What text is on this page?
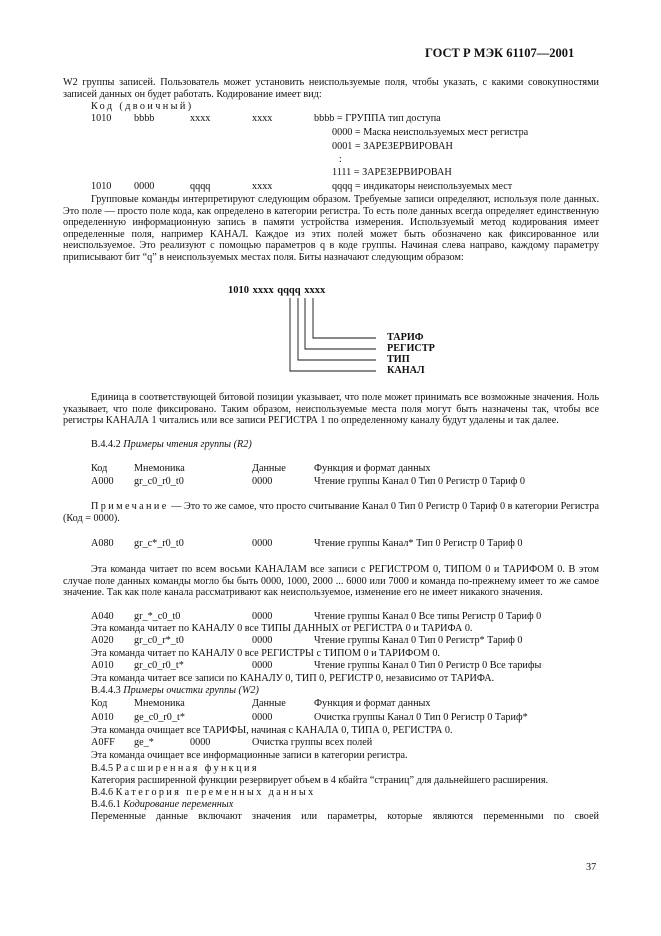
ГОСТ Р МЭК 61107—2001
W2 группы записей. Пользователь может установить неиспользуемые поля, чтобы указать, с какими совокупностями записей данных он будет работать. Кодирование имеет вид:
Код (двоичный)
1010 bbbb	xxxx	xxxx	bbbb = ГРУППА тип доступа
0000 = Маска неиспользуемых мест регистра
0001 = ЗАРЕЗЕРВИРОВАН
:
1111 = ЗАРЕЗЕРВИРОВАН
1010 0000	qqqq	xxxx	qqqq = индикаторы неиспользуемых мест
Групповые команды интерпретируют следующим образом. Требуемые записи определяют, используя поле данных. Это поле — просто поле кода, как определено в категории регистра. То есть поле данных всегда определяет единственную определенную информационную запись в памяти устройства измерения. Используемый метод кодирования имеет определенные поля, например КАНАЛ. Каждое из этих полей может быть обозначено как фиксированное или неиспользуемое. Это реализуют с помощью параметров q в коде группы. Начиная слева направо, каждому параметру приписывают бит “q” в неиспользуемых местах поля. Биты назначают следующим образом:
1010 xxxx qqqq xxxx
ТАРИФ
РЕГИСТР
ТИП
КАНАЛ
Единица в соответствующей битовой позиции указывает, что поле может принимать все возможные значения. Ноль указывает, что поле фиксировано. Таким образом, неиспользуемые места поля могут быть назначены так, чтобы все регистры КАНАЛА 1 читались или все записи РЕГИСТРА 1 по определенному каналу будут удалены и так далее.
B.4.4.2 Примеры чтения группы (R2)
Код	Мнемоника	Данные	Функция и формат данных
A000 gr_c0_r0_t0	0000	Чтение группы Канал 0 Тип 0 Регистр 0 Тариф 0
Примечание — Это то же самое, что просто считывание Канал 0 Тип 0 Регистр 0 Тариф 0 в категории Регистра (Код = 0000).
A080 gr_c*_r0_t0	0000	Чтение группы Канал* Тип 0 Регистр 0 Тариф 0
Эта команда читает по всем восьми КАНАЛАМ все записи с РЕГИСТРОМ 0, ТИПОМ 0 и ТАРИФОМ 0. В этом случае поле данных команды могло бы быть 0000, 1000, 2000 ... 6000 или 7000 и команда по-прежнему имеет то же самое значение. Так как поле канала рассматривают как неиспользуемое, изменение его не имеет никакого значения.
A040 gr_*_c0_t0	0000	Чтение группы Канал 0 Все типы Регистр 0 Тариф 0
Эта команда читает по КАНАЛУ 0 все ТИПЫ ДАННЫХ от РЕГИСТРА 0 и ТАРИФА 0.
A020 gr_c0_r*_t0	0000	Чтение группы Канал 0 Тип 0 Регистр* Тариф 0
Эта команда читает по КАНАЛУ 0 все РЕГИСТРЫ с ТИПОМ 0 и ТАРИФОМ 0.
A010 gr_c0_r0_t*	0000	Чтение группы Канал 0 Тип 0 Регистр 0 Все тарифы
Эта команда читает все записи по КАНАЛУ 0, ТИП 0, РЕГИСТР 0, независимо от ТАРИФА.
B.4.4.3 Примеры очистки группы (W2)
Код	Мнемоника	Данные	Функция и формат данных
A010 ge_c0_r0_t*	0000	Очистка группы Канал 0 Тип 0 Регистр 0 Тариф*
Эта команда очищает все ТАРИФЫ, начиная с КАНАЛА 0, ТИПА 0, РЕГИСТРА 0.
A0FF ge_*	0000	Очистка группы всех полей
Эта команда очищает все информационные записи в категории регистра.
B.4.5 Расширенная функция
Категория расширенной функции резервирует объем в 4 кбайта “страниц” для дальнейшего расширения.
B.4.6 Категория переменных данных
B.4.6.1 Кодирование переменных
Переменные данные включают значения или параметры, которые являются переменными по своей
37
